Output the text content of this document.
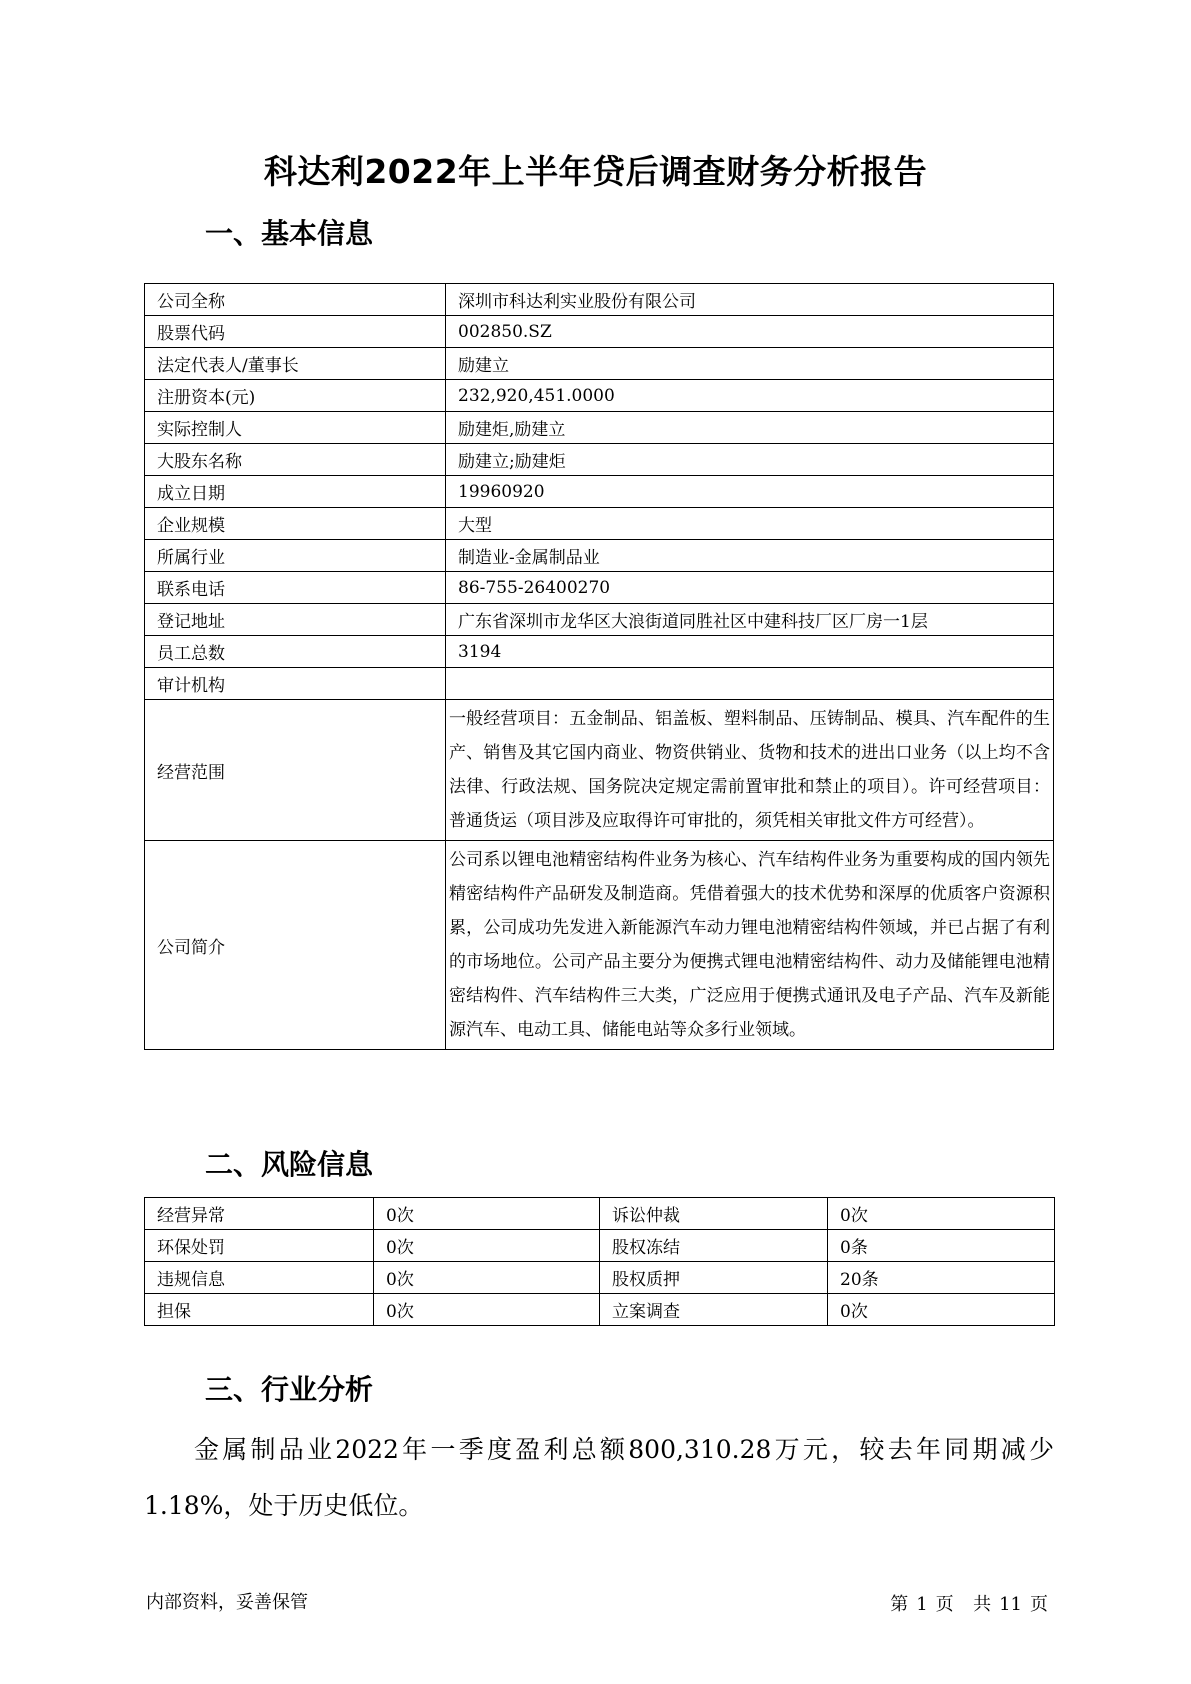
科达利2022年上半年贷后调查财务分析报告
一、基本信息
公司全称	深圳市科达利实业股份有限公司
股票代码	002850.SZ
法定代表人/董事长	励建立
注册资本(元)	232,920,451.0000
实际控制人	励建炬,励建立
大股东名称	励建立;励建炬
成立日期	19960920
企业规模	大型
所属行业	制造业-金属制品业
联系电话	86-755-26400270
登记地址	广东省深圳市龙华区大浪街道同胜社区中建科技厂区厂房一1层
员工总数	3194
审计机构	
经营范围	一般经营项目：五金制品、铝盖板、塑料制品、压铸制品、模具、汽车配件的生产、销售及其它国内商业、物资供销业、货物和技术的进出口业务（以上均不含法律、行政法规、国务院决定规定需前置审批和禁止的项目）。许可经营项目：普通货运（项目涉及应取得许可审批的，须凭相关审批文件方可经营）。
公司简介	公司系以锂电池精密结构件业务为核心、汽车结构件业务为重要构成的国内领先精密结构件产品研发及制造商。凭借着强大的技术优势和深厚的优质客户资源积累，公司成功先发进入新能源汽车动力锂电池精密结构件领域，并已占据了有利的市场地位。公司产品主要分为便携式锂电池精密结构件、动力及储能锂电池精密结构件、汽车结构件三大类，广泛应用于便携式通讯及电子产品、汽车及新能源汽车、电动工具、储能电站等众多行业领域。
二、风险信息
经营异常	0次	诉讼仲裁	0次
环保处罚	0次	股权冻结	0条
违规信息	0次	股权质押	20条
担保	0次	立案调查	0次
三、行业分析
金属制品业2022年一季度盈利总额800,310.28万元，较去年同期减少1.18%，处于历史低位。
内部资料，妥善保管	第 1 页 共 11 页
